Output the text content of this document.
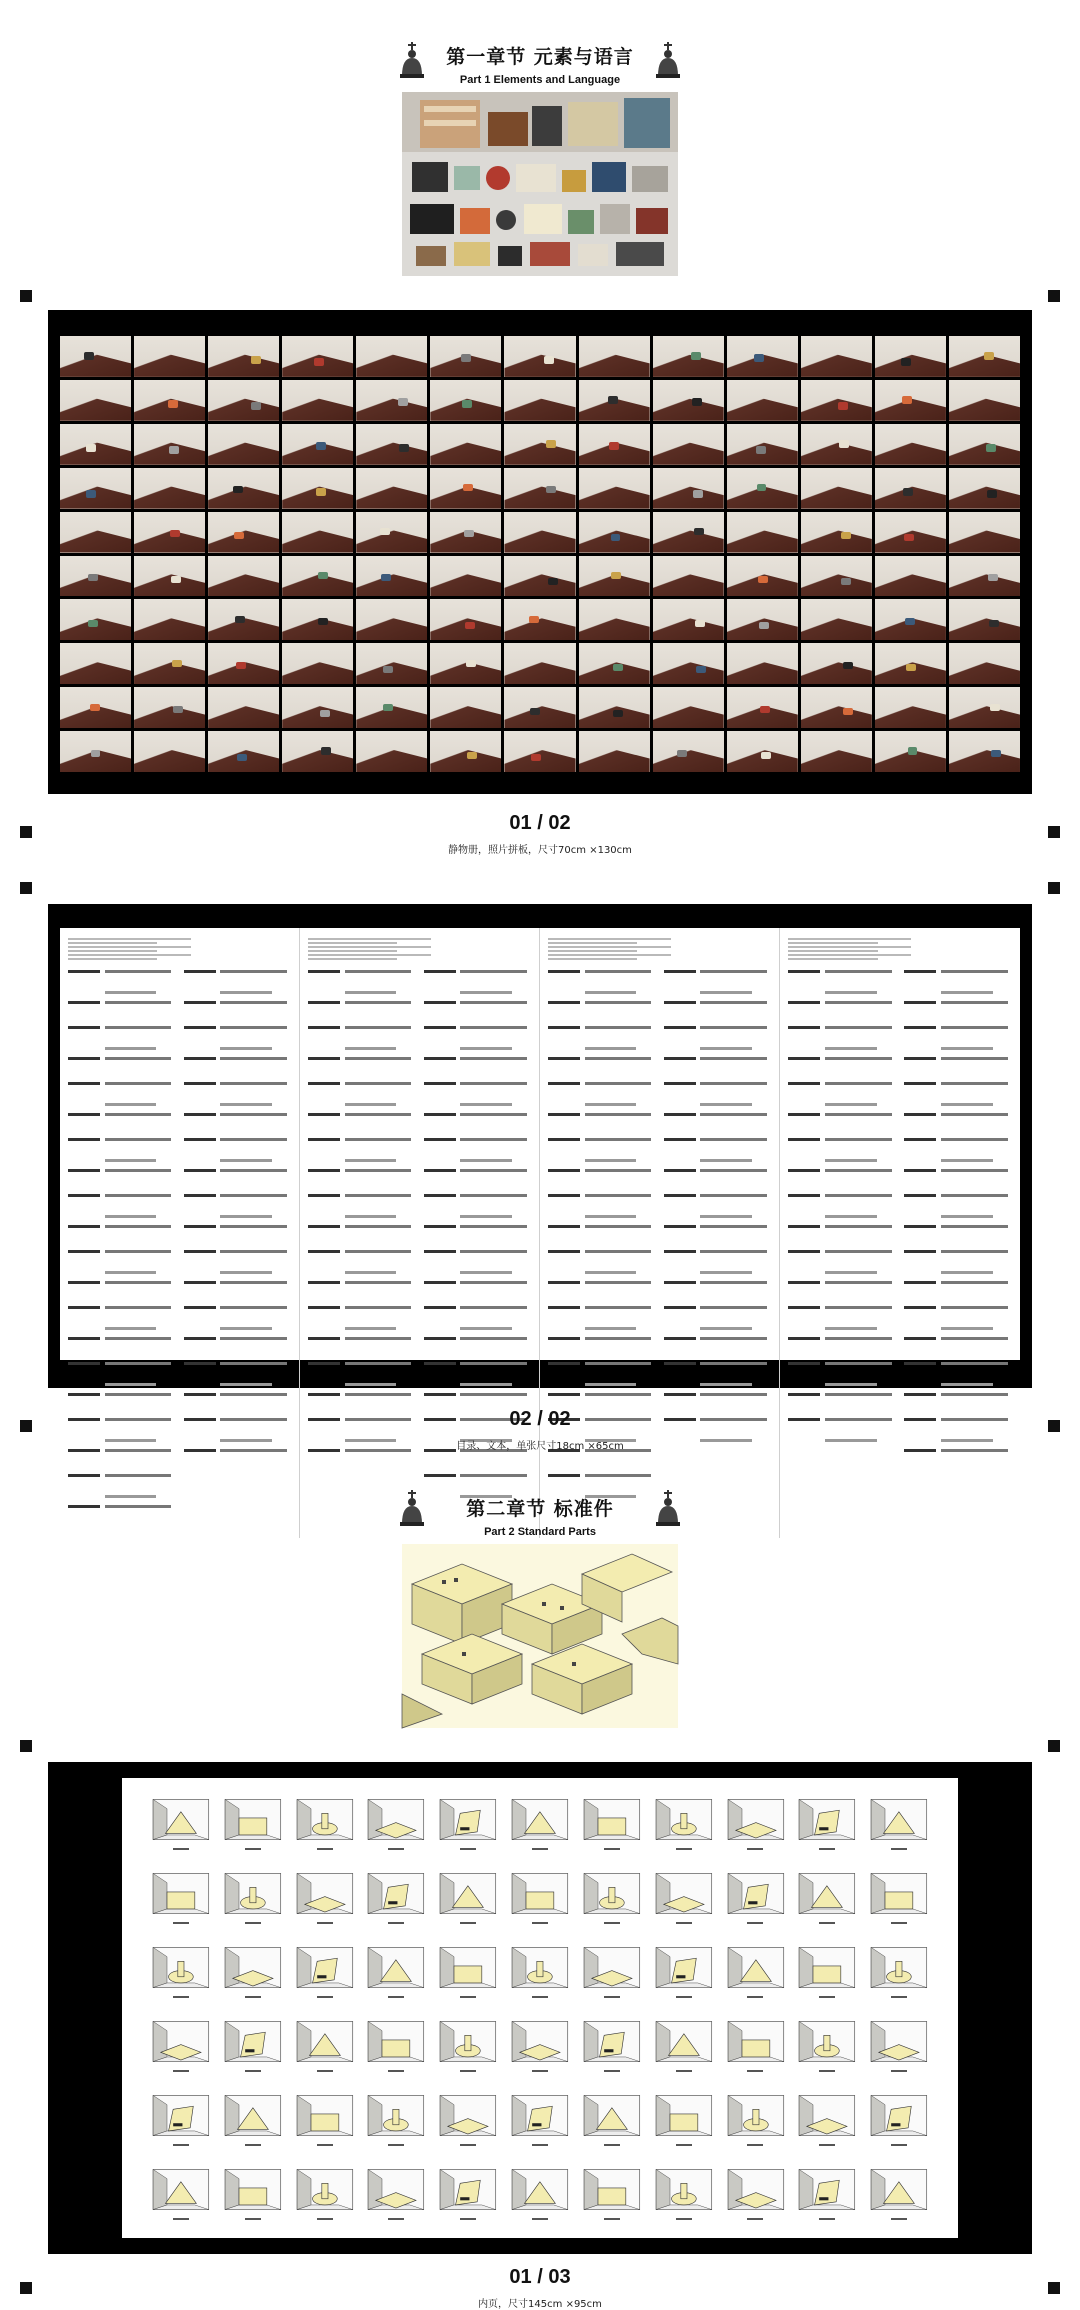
第一章节 元素与语言
Part 1 Elements and Language
01 / 02
静物册，照片拼板，尺寸70cm ×130cm
02 / 02
目录、文本，单张尺寸18cm ×65cm
第二章节 标准件
Part 2 Standard Parts
01 / 03
内页，尺寸145cm ×95cm
